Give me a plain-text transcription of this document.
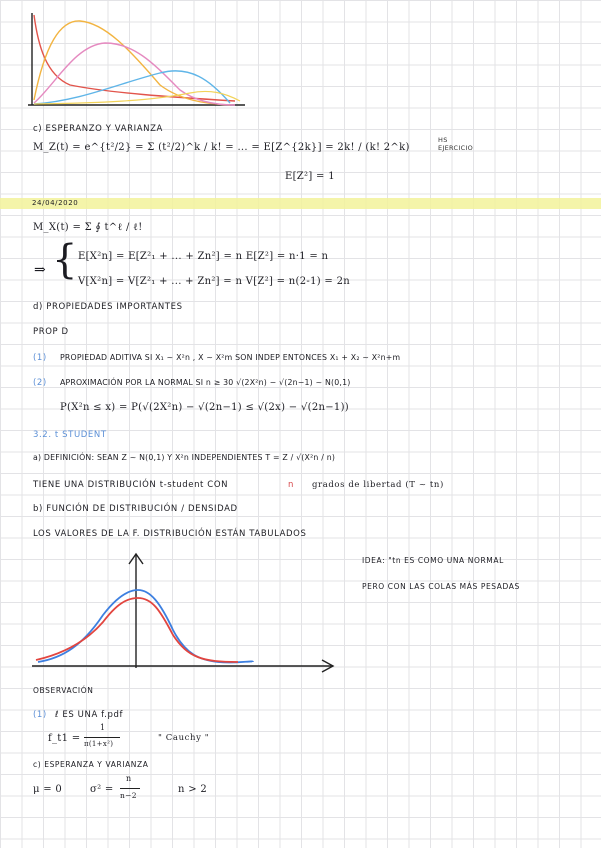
c) ESPERANZO Y VARIANZA
M_Z(t) = e^{t²/2} = Σ (t²/2)^k / k! = ... = E[Z^{2k}] = 2k! / (k! 2^k)
HS EJERCICIO
E[Z²] = 1
24/04/2020
M_X(t) = Σ ∮ t^ℓ / ℓ!
⇒ { E[X²n] = E[Z²₁ + ... + Zn²] = n E[Z²] = n·1 = n
V[X²n] = V[Z²₁ + ... + Zn²] = n V[Z²] = n(2-1) = 2n
d) PROPIEDADES IMPORTANTES
PROP D
(1) PROPIEDAD ADITIVA SI X₁ ~ X²n , X ~ X²m SON INDEP ENTONCES X₁ + X₂ ~ X²n+m
(2) APROXIMACIÓN POR LA NORMAL SI n ≥ 30 √(2X²n) − √(2n−1) ~ N(0,1)
P(X²n ≤ x) = P(√(2X²n) − √(2n−1) ≤ √(2x) − √(2n−1))
3.2. t STUDENT
a) DEFINICIÓN: SEAN Z ~ N(0,1) Y X²n INDEPENDIENTES T = Z / √(X²n / n)
TIENE UNA DISTRIBUCIÓN t-student CON	n grados de libertad (T ~ tn)
b) FUNCIÓN DE DISTRIBUCIÓN / DENSIDAD
LOS VALORES DE LA F. DISTRIBUCIÓN ESTÁN TABULADOS
IDEA: "tn ES COMO UNA NORMAL
PERO CON LAS COLAS MÁS PESADAS
OBSERVACIÓN
(1) ℓ ES UNA f.pdf
f_t1 =
1
π(1+x²)
" Cauchy "
c) ESPERANZA Y VARIANZA
μ = 0	σ² =
n
n−2
n > 2
